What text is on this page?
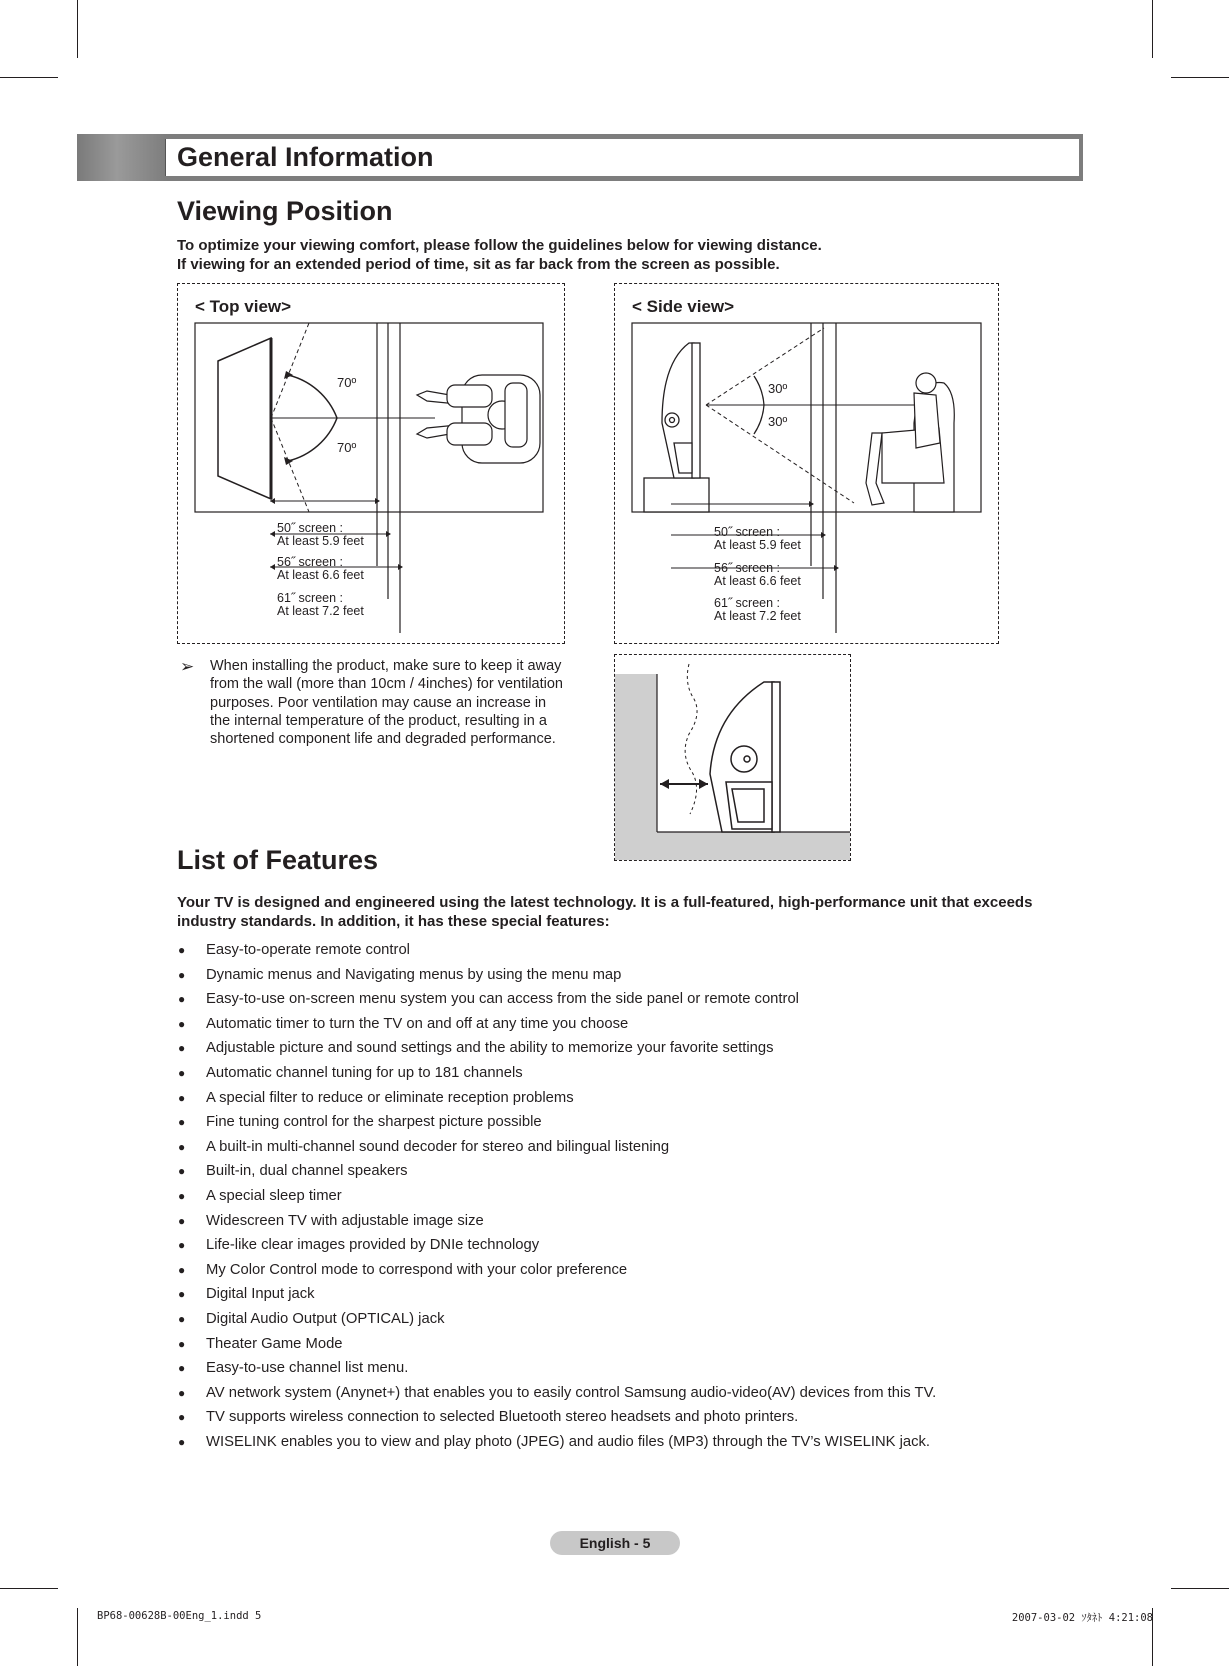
General Information
Viewing Position

To optimize your viewing comfort, please follow the guidelines below for viewing distance.

If viewing for an extended period of time, sit as far back from the screen as possible.

< Top view>
70º
70º
50˝ screen :
At least 5.9 feet
56˝ screen :
At least 6.6 feet
61˝ screen :
At least 7.2 feet
< Side view>
30º
30º
50˝ screen :
At least 5.9 feet
56˝ screen :
At least 6.6 feet
61˝ screen :
At least 7.2 feet
➢ When installing the product, make sure to keep it away
from the wall (more than 10cm / 4inches) for ventilation
purposes. Poor ventilation may cause an increase in
the internal temperature of the product, resulting in a
shortened component life and degraded performance.
List of Features

Your TV is designed and engineered using the latest technology. It is a full-featured, high-performance unit that exceeds

industry standards. In addition, it has these special features:

● Easy-to-operate remote control
● Dynamic menus and Navigating menus by using the menu map
● Easy-to-use on-screen menu system you can access from the side panel or remote control
● Automatic timer to turn the TV on and off at any time you choose
● Adjustable picture and sound settings and the ability to memorize your favorite settings
● Automatic channel tuning for up to 181 channels
● A special filter to reduce or eliminate reception problems
● Fine tuning control for the sharpest picture possible
● A built-in multi-channel sound decoder for stereo and bilingual listening
● Built-in, dual channel speakers
● A special sleep timer
● Widescreen TV with adjustable image size
● Life-like clear images provided by DNIe technology
● My Color Control mode to correspond with your color preference
● Digital Input jack
● Digital Audio Output (OPTICAL) jack
● Theater Game Mode
● Easy-to-use channel list menu.
● AV network system (Anynet+) that enables you to easily control Samsung audio-video(AV) devices from this TV.
● TV supports wireless connection to selected Bluetooth stereo headsets and photo printers.
● WISELINK enables you to view and play photo (JPEG) and audio files (MP3) through the TV’s WISELINK jack.
English - 5
BP68-00628B-00Eng_1.indd 5	2007-03-02 ｿﾀﾈﾄ 4:21:08
